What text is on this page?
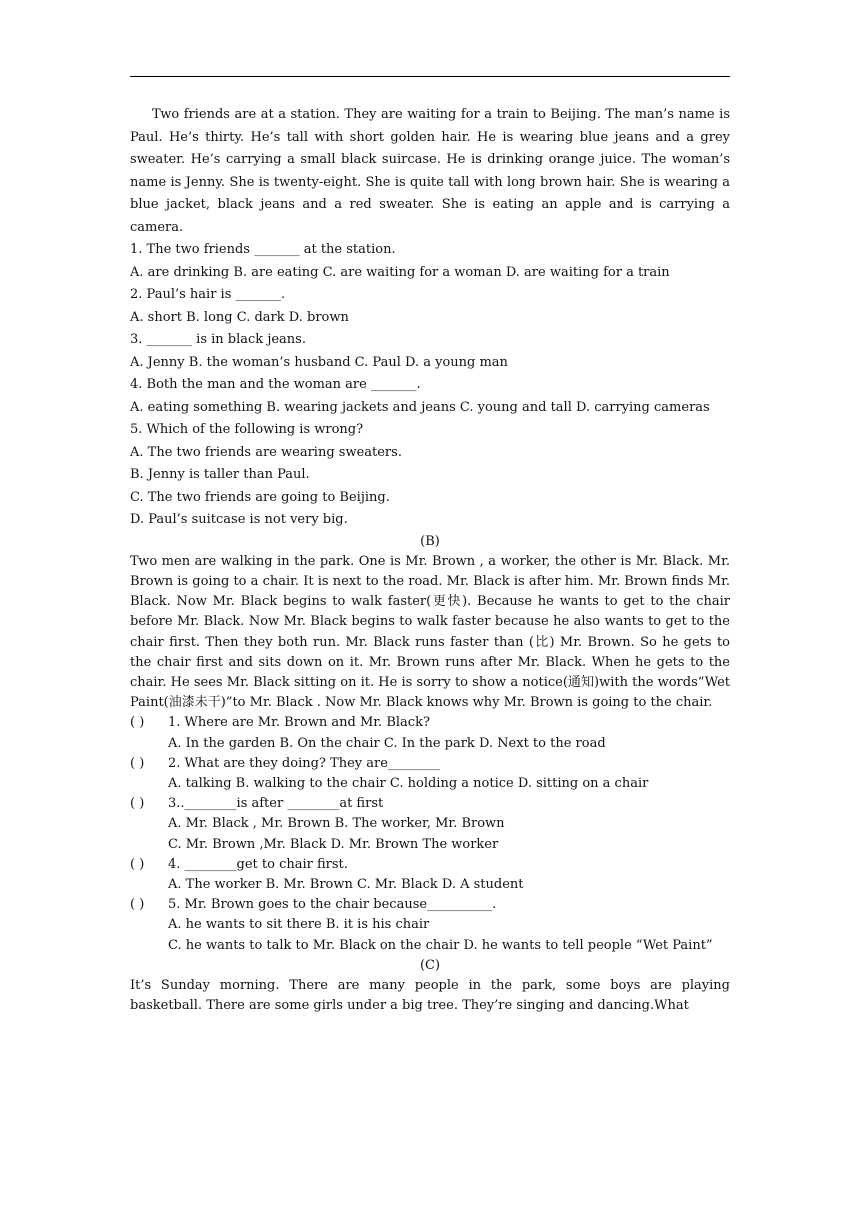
Two friends are at a station. They are waiting for a train to Beijing. The man’s name is Paul. He’s thirty. He’s tall with short golden hair. He is wearing blue jeans and a grey sweater. He’s carrying a small black suircase. He is drinking orange juice. The woman’s name is Jenny. She is twenty-eight. She is quite tall with long brown hair. She is wearing a blue jacket, black jeans and a red sweater. She is eating an apple and is carrying a camera.

1. The two friends _______ at the station.

A. are drinking B. are eating C. are waiting for a woman D. are waiting for a train

2. Paul’s hair is _______.

A. short B. long C. dark D. brown

3. _______ is in black jeans.

A. Jenny B. the woman’s husband C. Paul D. a young man

4. Both the man and the woman are _______.

A. eating something B. wearing jackets and jeans C. young and tall D. carrying cameras

5. Which of the following is wrong?

A. The two friends are wearing sweaters.

B. Jenny is taller than Paul.

C. The two friends are going to Beijing.

D. Paul’s suitcase is not very big.

(B)

Two men are walking in the park. One is Mr. Brown , a worker, the other is Mr. Black. Mr. Brown is going to a chair. It is next to the road. Mr. Black is after him. Mr. Brown finds Mr. Black. Now Mr. Black begins to walk faster(更快). Because he wants to get to the chair before Mr. Black. Now Mr. Black begins to walk faster because he also wants to get to the chair first. Then they both run. Mr. Black runs faster than (比) Mr. Brown. So he gets to the chair first and sits down on it. Mr. Brown runs after Mr. Black. When he gets to the chair. He sees Mr. Black sitting on it. He is sorry to show a notice(通知)with the words“Wet Paint(油漆未干)”to Mr. Black . Now Mr. Black knows why Mr. Brown is going to the chair.

( )	1. Where are Mr. Brown and Mr. Black?

A. In the garden B. On the chair C. In the park D. Next to the road

( )	2. What are they doing? They are________

A. talking B. walking to the chair C. holding a notice D. sitting on a chair

( )	3..________is after ________at first

A. Mr. Black , Mr. Brown B. The worker, Mr. Brown

C. Mr. Brown ,Mr. Black D. Mr. Brown The worker

( )	4. ________get to chair first.

A. The worker B. Mr. Brown C. Mr. Black D. A student

( )	5. Mr. Brown goes to the chair because__________.

A. he wants to sit there B. it is his chair

C. he wants to talk to Mr. Black on the chair D. he wants to tell people “Wet Paint”

(C)

It’s Sunday morning. There are many people in the park, some boys are playing basketball. There are some girls under a big tree. They’re singing and dancing.What
